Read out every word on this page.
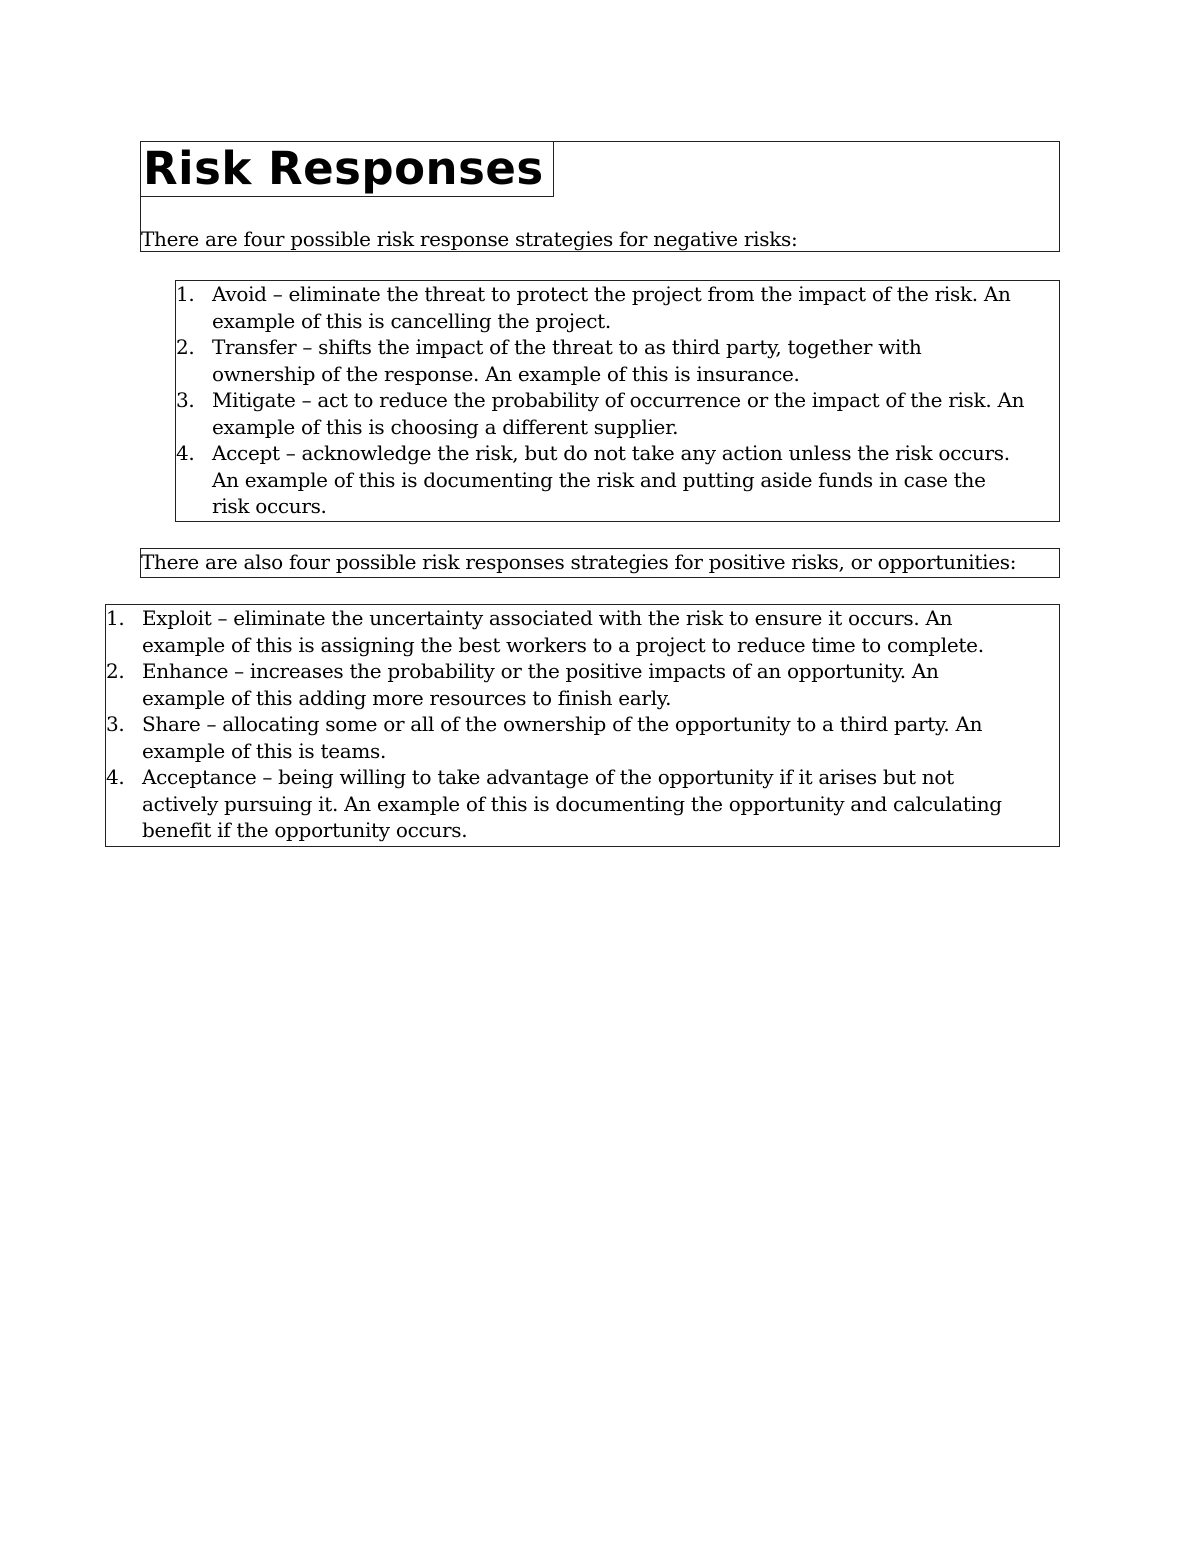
Risk Responses
There are four possible risk response strategies for negative risks:
1. Avoid – eliminate the threat to protect the project from the impact of the risk. An
example of this is cancelling the project.
2. Transfer – shifts the impact of the threat to as third party, together with
ownership of the response. An example of this is insurance.
3. Mitigate – act to reduce the probability of occurrence or the impact of the risk. An
example of this is choosing a different supplier.
4. Accept – acknowledge the risk, but do not take any action unless the risk occurs.
An example of this is documenting the risk and putting aside funds in case the
risk occurs.
There are also four possible risk responses strategies for positive risks, or opportunities:
1. Exploit – eliminate the uncertainty associated with the risk to ensure it occurs. An
example of this is assigning the best workers to a project to reduce time to complete.
2. Enhance – increases the probability or the positive impacts of an opportunity. An
example of this adding more resources to finish early.
3. Share – allocating some or all of the ownership of the opportunity to a third party. An
example of this is teams.
4. Acceptance – being willing to take advantage of the opportunity if it arises but not
actively pursuing it. An example of this is documenting the opportunity and calculating
benefit if the opportunity occurs.
